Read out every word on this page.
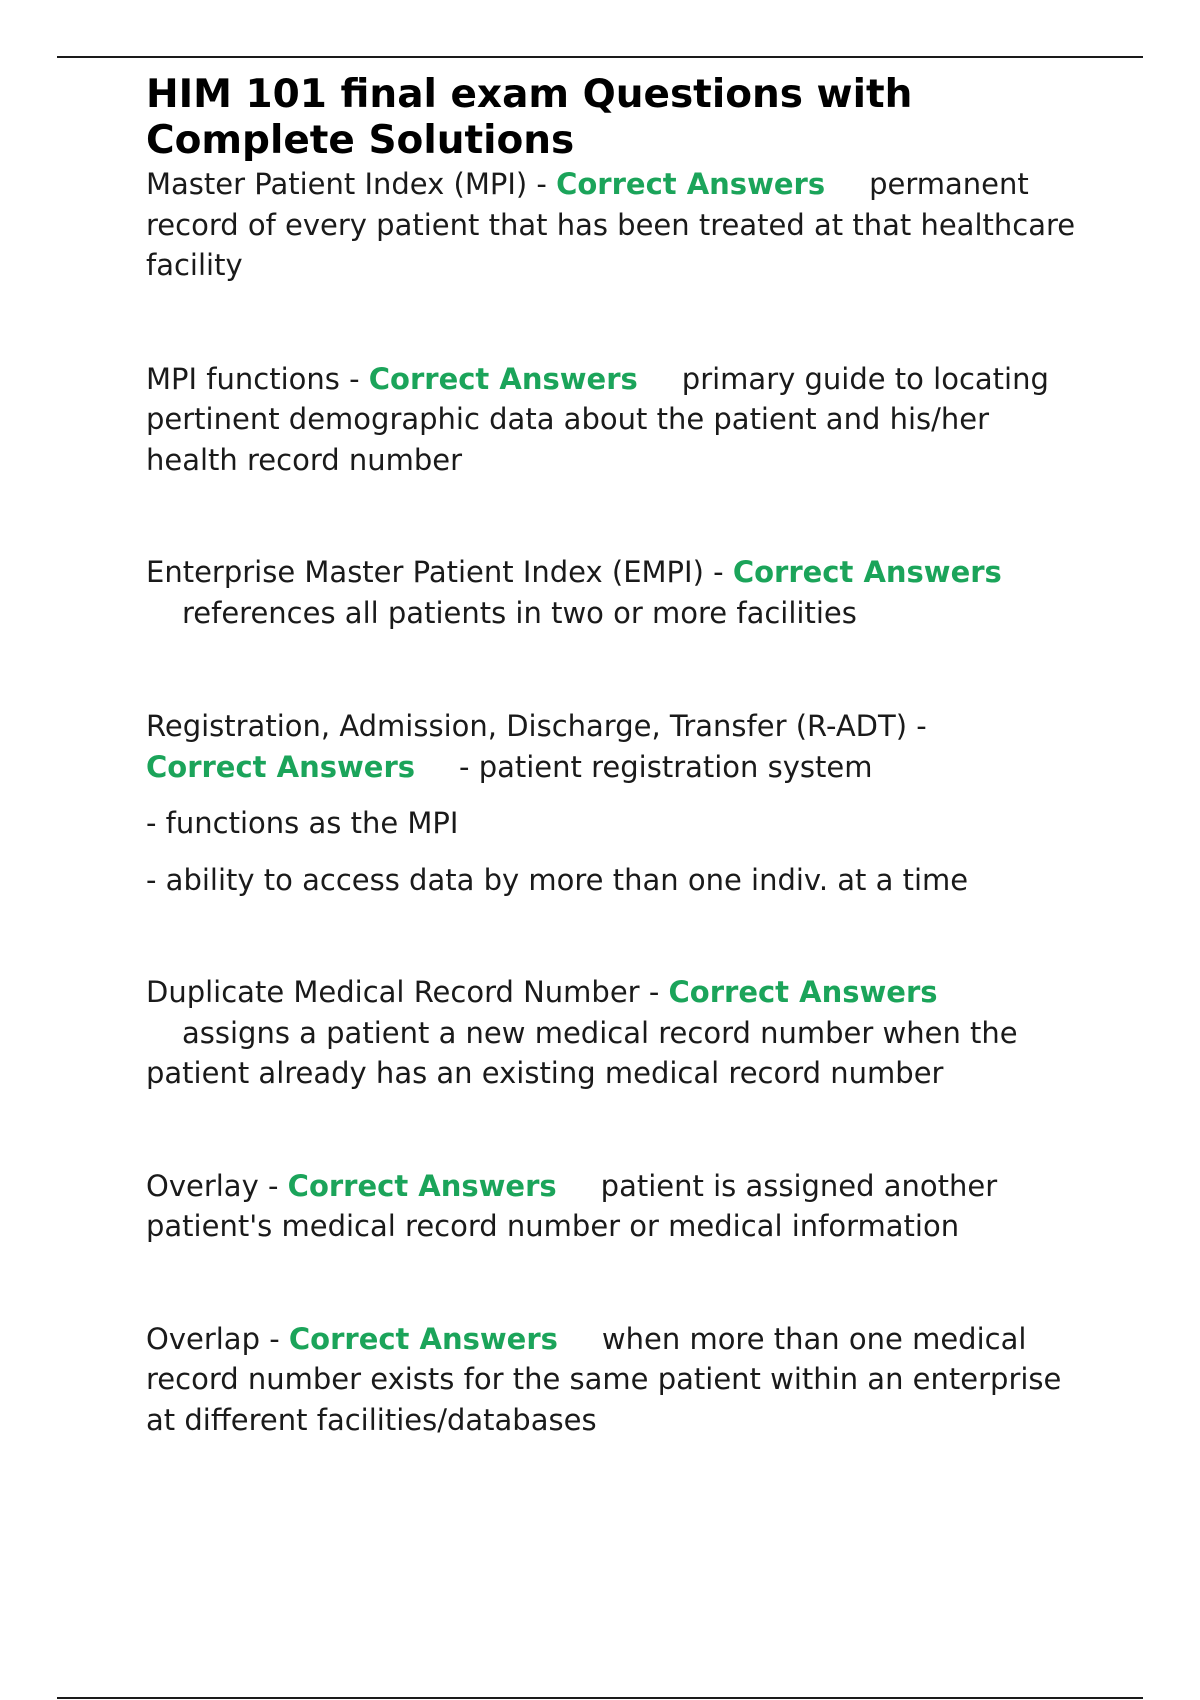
HIM 101 final exam Questions with Complete Solutions

Master Patient Index (MPI) - Correct Answers permanent record of every patient that has been treated at that healthcare facility

MPI functions - Correct Answers primary guide to locating pertinent demographic data about the patient and his/her health record number

Enterprise Master Patient Index (EMPI) - Correct Answers
references all patients in two or more facilities

Registration, Admission, Discharge, Transfer (R-ADT) -
Correct Answers - patient registration system

- functions as the MPI

- ability to access data by more than one indiv. at a time

Duplicate Medical Record Number - Correct Answers
assigns a patient a new medical record number when the patient already has an existing medical record number

Overlay - Correct Answers patient is assigned another patient's medical record number or medical information

Overlap - Correct Answers when more than one medical record number exists for the same patient within an enterprise at different facilities/databases
